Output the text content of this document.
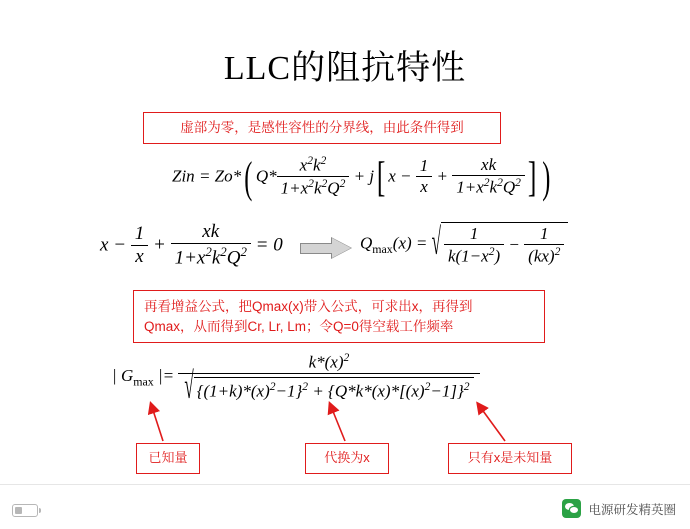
LLC的阻抗特性
虚部为零，是感性容性的分界线，由此条件得到
Zin = Zo*( $Q* \frac{x^2k^2}{1+x^2k^2Q^2} + j$[ $x - \frac{1}{x} + \frac{xk}{1+x^2k^2Q^2}$ ] )
$x - \frac{1}{x} + \frac{xk}{1+x^2k^2Q^2} = 0$	$Q_{max}(x)$ = √ $\frac{1}{k(1-x^2)} - \frac{1}{(kx)^2}$
再看增益公式，把Qmax(x)带入公式，可求出x，再得到
Qmax，从而得到Cr, Lr, Lm；令Q=0得空载工作频率
| $G_{max}$ |= $\frac{k*(x)^2}{√ \{(1+k)*(x)^2-1\}^2 + \{Q*k*(x)*[(x)^2-1]\}^2}$
已知量	代换为x	只有x是未知量
电源研发精英圈
